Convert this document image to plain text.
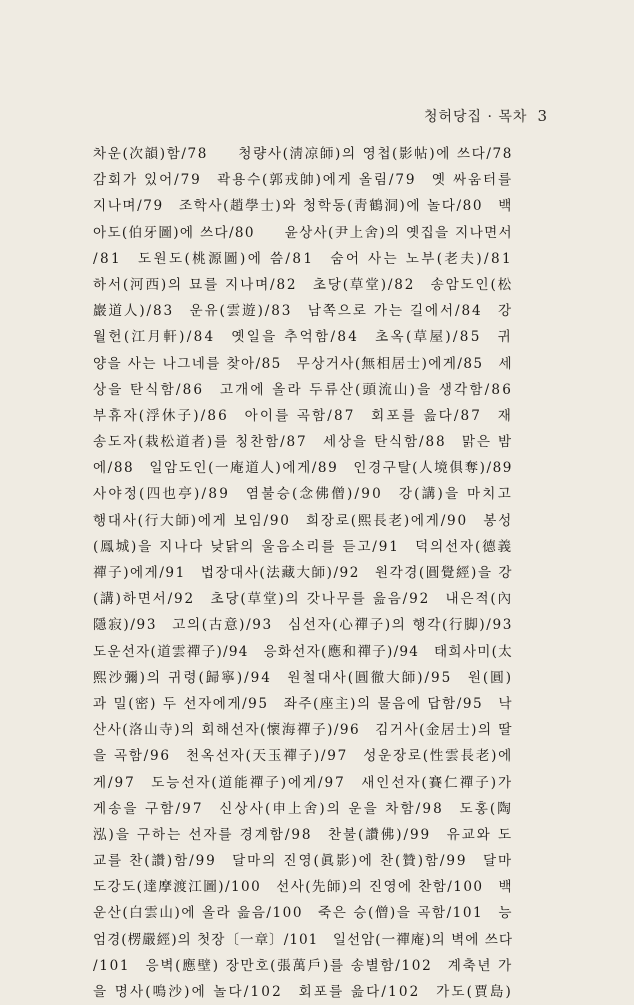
청허당집 · 목차 3
차운(次韻)함/78　　청량사(淸凉師)의 영첩(影帖)에 쓰다/78
감회가 있어/79　곽용수(郭戎帥)에게 올림/79　옛 싸움터를
지나며/79　조학사(趙學士)와 청학동(靑鶴洞)에 놀다/80　백
아도(伯牙圖)에 쓰다/80　　윤상사(尹上舍)의 옛집을 지나면서
/81　도원도(桃源圖)에 씀/81　숨어 사는 노부(老夫)/81
하서(河西)의 묘를 지나며/82　초당(草堂)/82　송암도인(松
巖道人)/83　운유(雲遊)/83　남쪽으로 가는 길에서/84　강
월헌(江月軒)/84　옛일을 추억함/84　초옥(草屋)/85　귀
양을 사는 나그네를 찾아/85　무상거사(無相居士)에게/85　세
상을 탄식함/86　고개에 올라 두류산(頭流山)을 생각함/86
부휴자(浮休子)/86　아이를 곡함/87　회포를 읊다/87　재
송도자(栽松道者)를 칭찬함/87　세상을 탄식함/88　맑은 밤
에/88　일암도인(一庵道人)에게/89　인경구탈(人境俱奪)/89
사야정(四也亭)/89　염불승(念佛僧)/90　강(講)을 마치고
행대사(行大師)에게 보임/90　희장로(熙長老)에게/90　봉성
(鳳城)을 지나다 낮닭의 울음소리를 듣고/91　덕의선자(德義
禪子)에게/91　법장대사(法藏大師)/92　원각경(圓覺經)을 강
(講)하면서/92　초당(草堂)의 갓나무를 읊음/92　내은적(內
隱寂)/93　고의(古意)/93　심선자(心禪子)의 행각(行脚)/93
도운선자(道雲禪子)/94　응화선자(應和禪子)/94　태희사미(太
熙沙彌)의 귀령(歸寧)/94　원철대사(圓徹大師)/95　원(圓)
과 밀(密) 두 선자에게/95　좌주(座主)의 물음에 답함/95　낙
산사(洛山寺)의 회해선자(懷海禪子)/96　김거사(金居士)의 딸
을 곡함/96　천옥선자(天玉禪子)/97　성운장로(性雲長老)에
게/97　도능선자(道能禪子)에게/97　새인선자(賽仁禪子)가
게송을 구함/97　신상사(申上舍)의 운을 차함/98　도홍(陶
泓)을 구하는 선자를 경계함/98　찬불(讚佛)/99　유교와 도
교를 찬(讚)함/99　달마의 진영(眞影)에 찬(贊)함/99　달마
도강도(達摩渡江圖)/100　선사(先師)의 진영에 찬함/100　백
운산(白雲山)에 올라 읊음/100　죽은 승(僧)을 곡함/101　능
엄경(楞嚴經)의 첫장〔一章〕/101　일선암(一禪庵)의 벽에 쓰다
/101　응벽(應壁) 장만호(張萬戶)를 송별함/102　계축년 가
을 명사(鳴沙)에 놀다/102　회포를 읊다/102　가도(賈島)
